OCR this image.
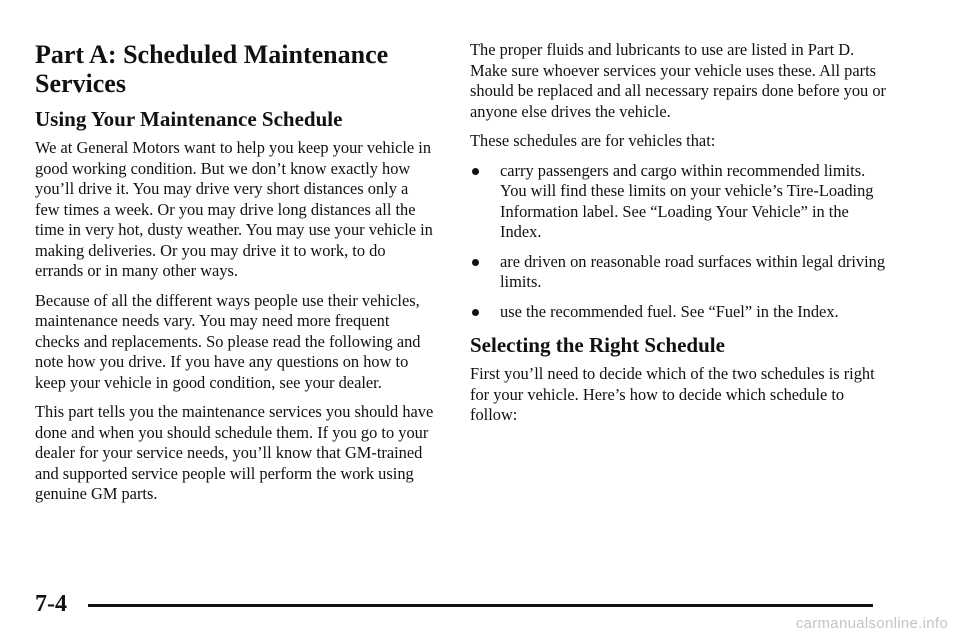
Part A: Scheduled Maintenance Services
Using Your Maintenance Schedule

We at General Motors want to help you keep your vehicle in good working condition. But we don’t know exactly how you’ll drive it. You may drive very short distances only a few times a week. Or you may drive long distances all the time in very hot, dusty weather. You may use your vehicle in making deliveries. Or you may drive it to work, to do errands or in many other ways.

Because of all the different ways people use their vehicles, maintenance needs vary. You may need more frequent checks and replacements. So please read the following and note how you drive. If you have any questions on how to keep your vehicle in good condition, see your dealer.

This part tells you the maintenance services you should have done and when you should schedule them. If you go to your dealer for your service needs, you’ll know that GM‑trained and supported service people will perform the work using genuine GM parts.

The proper fluids and lubricants to use are listed in Part D. Make sure whoever services your vehicle uses these. All parts should be replaced and all necessary repairs done before you or anyone else drives the vehicle.

These schedules are for vehicles that:

carry passengers and cargo within recommended limits. You will find these limits on your vehicle’s Tire‑Loading Information label. See “Loading Your Vehicle” in the Index.
are driven on reasonable road surfaces within legal driving limits.
use the recommended fuel. See “Fuel” in the Index.
Selecting the Right Schedule

First you’ll need to decide which of the two schedules is right for your vehicle. Here’s how to decide which schedule to follow:

7-4
carmanualsonline.info
